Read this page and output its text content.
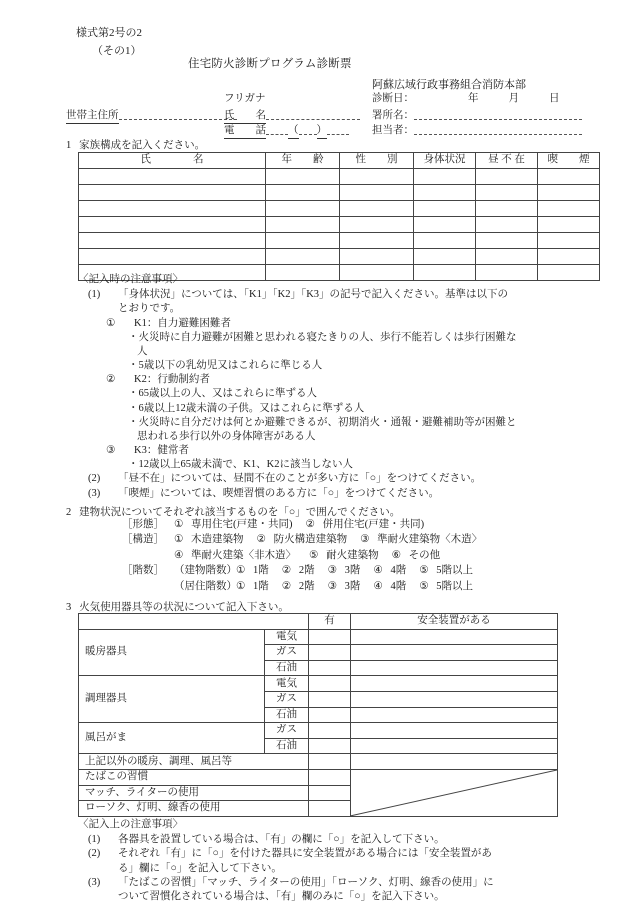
様式第2号の2
（その1）
住宅防火診断プログラム診断票
阿蘇広域行政事務組合消防本部
フリガナ	診断日：	年	月	日
世帯主住所	氏　　名	署所名：
電　　話 （ ）	担当者：
1 家族構成を記入ください。
氏　　　　名	年　　齢	性　　別	身体状況	昼 不 在	喫　　煙

〈記入時の注意事項〉
(1) 「身体状況」については、「K1」「K2」「K3」の記号で記入ください。基準は以下の
とおりです。
① K1：自力避難困難者
・火災時に自力避難が困難と思われる寝たきりの人、歩行不能若しくは歩行困難な
人
・5歳以下の乳幼児又はこれらに準じる人
② K2：行動制約者
・65歳以上の人、又はこれらに準ずる人
・6歳以上12歳未満の子供。又はこれらに準ずる人
・火災時に自分だけは何とか避難できるが、初期消火・通報・避難補助等が困難と
思われる歩行以外の身体障害がある人
③ K3：健常者
・12歳以上65歳未満で、K1、K2に該当しない人
(2) 「昼不在」については、昼間不在のことが多い方に「○」をつけてください。
(3) 「喫煙」については、喫煙習慣のある方に「○」をつけてください。
2 建物状況についてそれぞれ該当するものを「○」で囲んでください。
［形態］ ① 専用住宅(戸建・共同) ② 併用住宅(戸建・共同)
［構造］ ① 木造建築物 ② 防火構造建築物 ③ 準耐火建築物〈木造〉
④ 準耐火建築〈非木造〉 ⑤ 耐火建築物 ⑥ その他
［階数］ （建物階数）① 1階 ② 2階 ③ 3階 ④ 4階 ⑤ 5階以上
（居住階数）① 1階 ② 2階 ③ 3階 ④ 4階 ⑤ 5階以上
3 火気使用器具等の状況について記入下さい。
		有	安全装置がある
暖房器具	電気		
	ガス		
	石油		
調理器具	電気		
	ガス		
	石油		
風呂がま	ガス		
	石油		
上記以外の暖房、調理、風呂等			
たばこの習慣		

マッチ、ライターの使用			
ローソク、灯明、線香の使用			
〈記入上の注意事項〉
(1) 各器具を設置している場合は、「有」の欄に「○」を記入して下さい。
(2) それぞれ「有」に「○」を付けた器具に安全装置がある場合には「安全装置があ
る」欄に「○」を記入して下さい。
(3) 「たばこの習慣」「マッチ、ライターの使用」「ローソク、灯明、線香の使用」に
ついて習慣化されている場合は、「有」欄のみに「○」を記入下さい。
